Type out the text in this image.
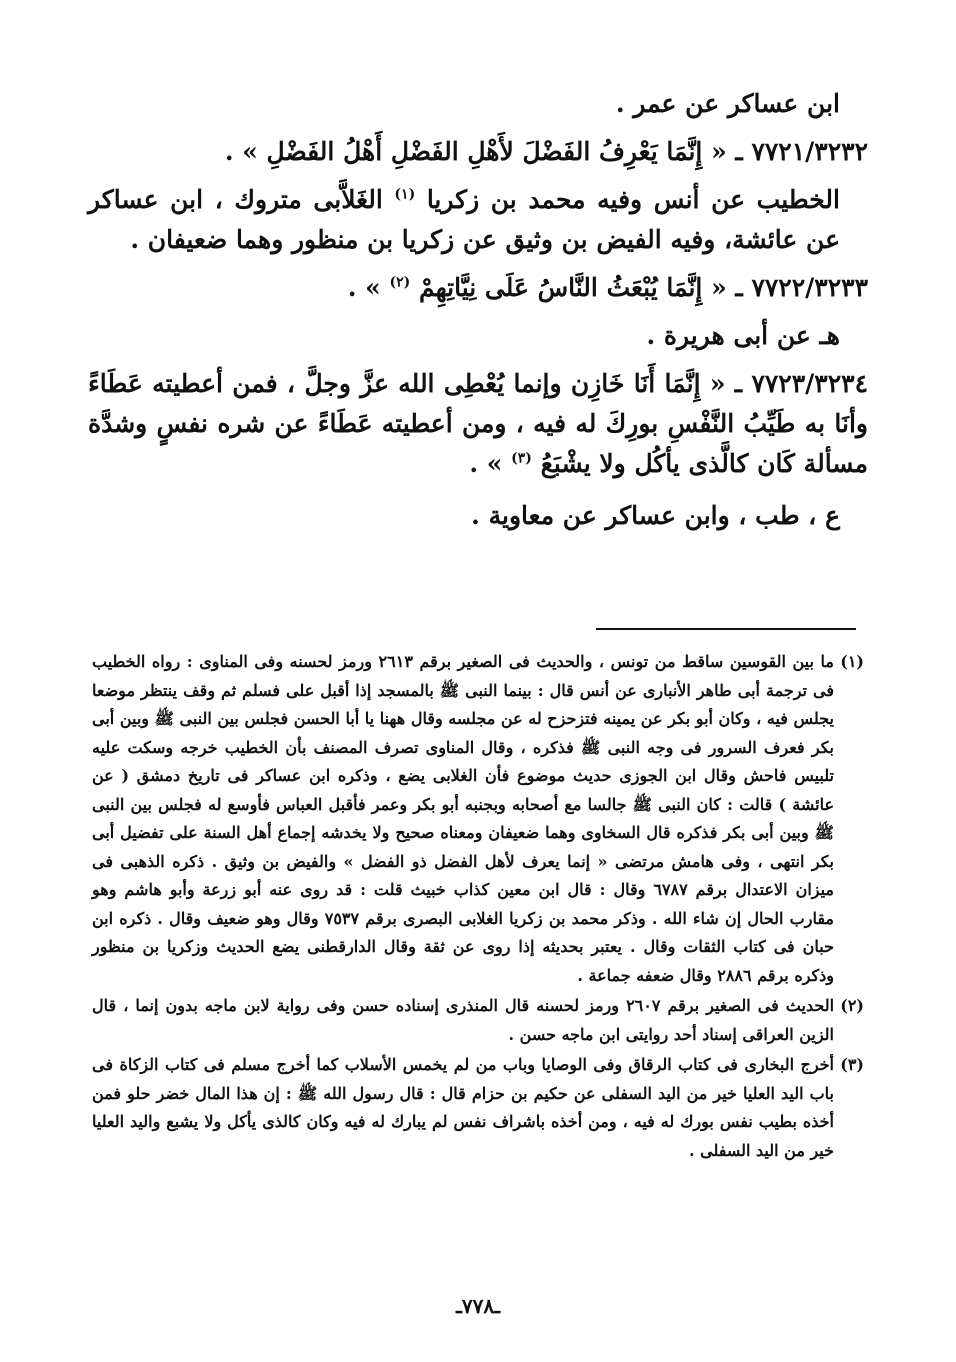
ابن عساكر عن عمر .

٧٧٢١/٣٢٣٢ ـ « إِنَّمَا يَعْرِفُ الفَضْلَ لأَهْلِ الفَضْلِ أَهْلُ الفَضْلِ » .

الخطيب عن أنس وفيه محمد بن زكريا $^{(١)}$ الغَلاَّبى متروك ، ابن عساكر عن عائشة، وفيه الفيض بن وثيق عن زكريا بن منظور وهما ضعيفان .

٧٧٢٢/٣٢٣٣ ـ « إِنَّمَا يُبْعَثُ النَّاسُ عَلَى نِيَّاتِهِمْ $^{(٢)}$ » .

هـ عن أبى هريرة .

٧٧٢٣/٣٢٣٤ ـ « إِنَّمَا أَنَا خَازِن وإنما يُعْطِى الله عزَّ وجلَّ ، فمن أعطيته عَطَاءً وأنَا به طَيِّبُ النَّفْسِ بورِكَ له فيه ، ومن أعطيته عَطَاءً عن شره نفسٍ وشدَّة مسألة كَان كالَّذى يأكُل ولا يشْبَعُ $^{(٣)}$ » .

ع ، طب ، وابن عساكر عن معاوية .

(١)
ما بين القوسين ساقط من تونس ، والحديث فى الصغير برقم ٢٦١٣ ورمز لحسنه وفى المناوى : رواه الخطيب فى ترجمة أبى طاهر الأنبارى عن أنس قال : بينما النبى ﷺ بالمسجد إذا أقبل على فسلم ثم وقف ينتظر موضعا يجلس فيه ، وكان أبو بكر عن يمينه فتزحزح له عن مجلسه وقال ههنا يا أبا الحسن فجلس بين النبى ﷺ وبين أبى بكر فعرف السرور فى وجه النبى ﷺ فذكره ، وقال المناوى تصرف المصنف بأن الخطيب خرجه وسكت عليه تلبيس فاحش وقال ابن الجوزى حديث موضوع فأن الغلابى يضع ، وذكره ابن عساكر فى تاريخ دمشق ( عن عائشة ) قالت : كان النبى ﷺ جالسا مع أصحابه وبجنبه أبو بكر وعمر فأقبل العباس فأوسع له فجلس بين النبى ﷺ وبين أبى بكر فذكره قال السخاوى وهما ضعيفان ومعناه صحيح ولا يخدشه إجماع أهل السنة على تفضيل أبى بكر انتهى ، وفى هامش مرتضى « إنما يعرف لأهل الفضل ذو الفضل » والفيض بن وثيق . ذكره الذهبى فى ميزان الاعتدال برقم ٦٧٨٧ وقال : قال ابن معين كذاب خبيث قلت : قد روى عنه أبو زرعة وأبو هاشم وهو مقارب الحال إن شاء الله . وذكر محمد بن زكريا الغلابى البصرى برقم ٧٥٣٧ وقال وهو ضعيف وقال . ذكره ابن حبان فى كتاب الثقات وقال . يعتبر بحديثه إذا روى عن ثقة وقال الدارقطنى يضع الحديث وزكريا بن منظور وذكره برقم ٢٨٨٦ وقال ضعفه جماعة .

(٢)
الحديث فى الصغير برقم ٢٦٠٧ ورمز لحسنه قال المنذرى إسناده حسن وفى رواية لابن ماجه بدون إنما ، قال الزين العراقى إسناد أحد روايتى ابن ماجه حسن .

(٣)
أخرج البخارى فى كتاب الرقاق وفى الوصايا وباب من لم يخمس الأسلاب كما أخرج مسلم فى كتاب الزكاة فى باب اليد العليا خير من اليد السفلى عن حكيم بن حزام قال : قال رسول الله ﷺ : إن هذا المال خضر حلو فمن أخذه بطيب نفس بورك له فيه ، ومن أخذه باشراف نفس لم يبارك له فيه وكان كالذى يأكل ولا يشبع واليد العليا خير من اليد السفلى .

ـ٧٧٨ـ
